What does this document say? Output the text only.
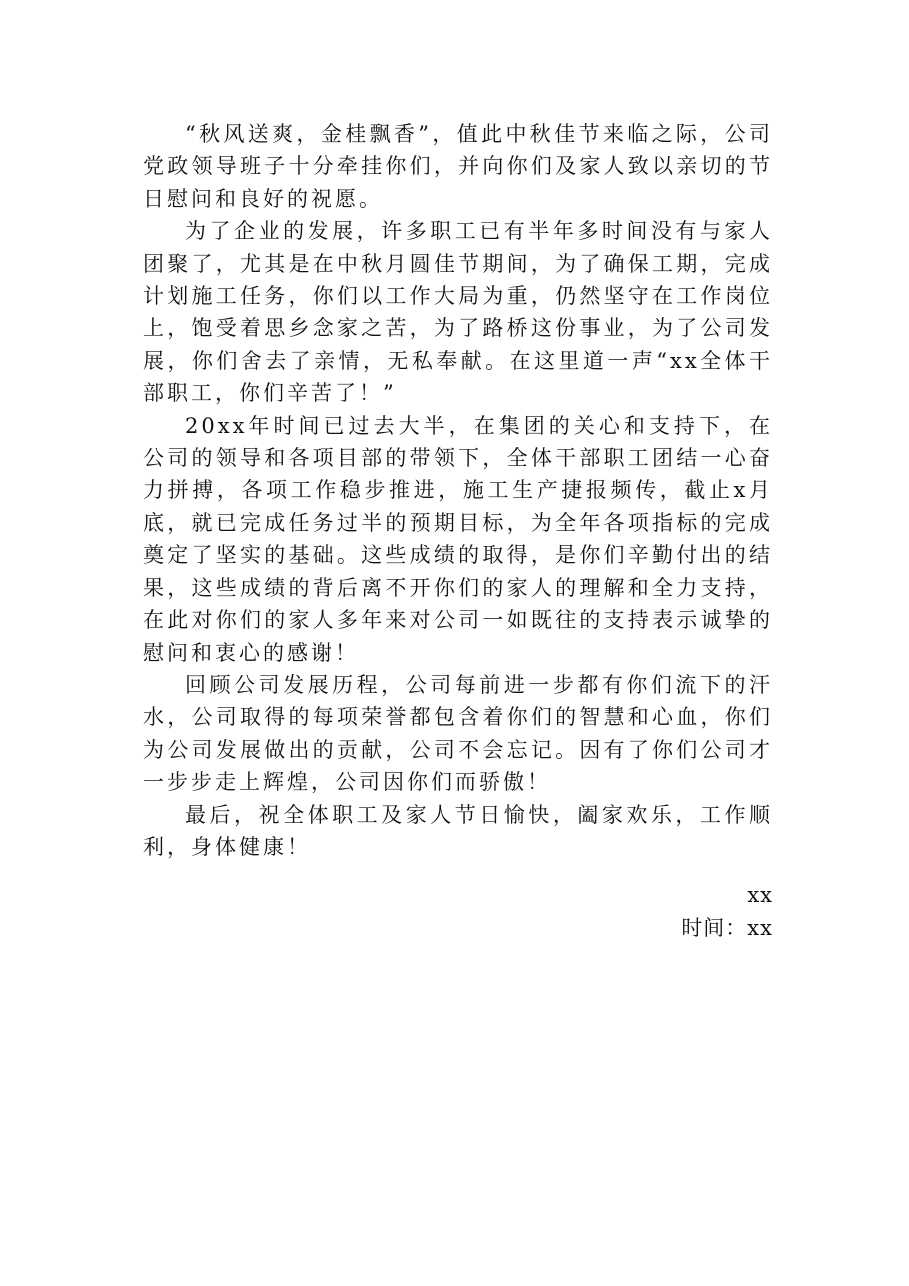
“秋风送爽，金桂飘香”，值此中秋佳节来临之际，公司党政领导班子十分牵挂你们，并向你们及家人致以亲切的节日慰问和良好的祝愿。

为了企业的发展，许多职工已有半年多时间没有与家人团聚了，尤其是在中秋月圆佳节期间，为了确保工期，完成计划施工任务，你们以工作大局为重，仍然坚守在工作岗位上，饱受着思乡念家之苦，为了路桥这份事业，为了公司发展，你们舍去了亲情，无私奉献。在这里道一声“xx全体干部职工，你们辛苦了！”

20xx年时间已过去大半，在集团的关心和支持下，在公司的领导和各项目部的带领下，全体干部职工团结一心奋力拼搏，各项工作稳步推进，施工生产捷报频传，截止x月底，就已完成任务过半的预期目标，为全年各项指标的完成奠定了坚实的基础。这些成绩的取得，是你们辛勤付出的结果，这些成绩的背后离不开你们的家人的理解和全力支持，在此对你们的家人多年来对公司一如既往的支持表示诚挚的慰问和衷心的感谢！

回顾公司发展历程，公司每前进一步都有你们流下的汗水，公司取得的每项荣誉都包含着你们的智慧和心血，你们为公司发展做出的贡献，公司不会忘记。因有了你们公司才一步步走上辉煌，公司因你们而骄傲！

最后，祝全体职工及家人节日愉快，阖家欢乐，工作顺利，身体健康！

xx
时间：xx
